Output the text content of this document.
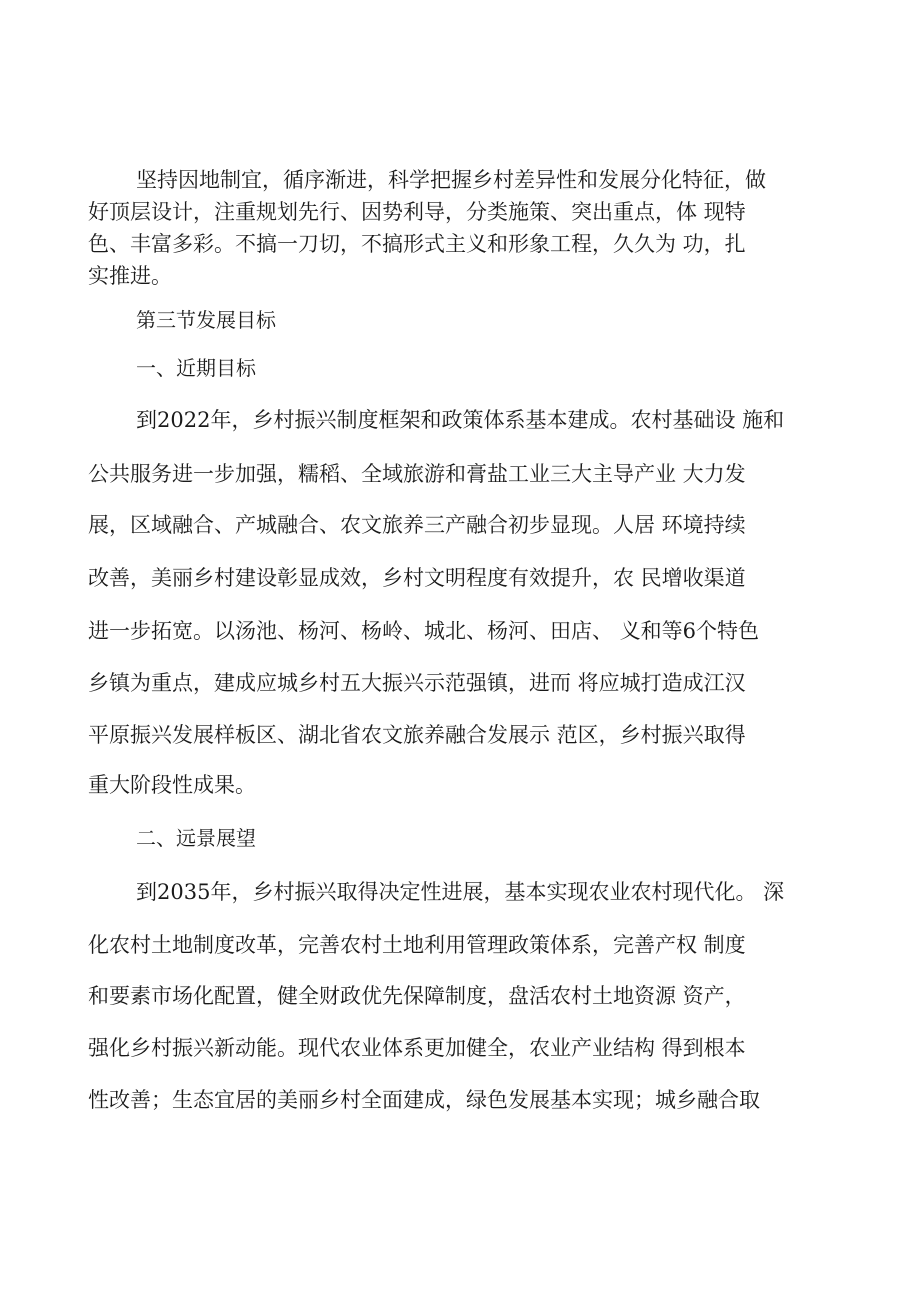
坚持因地制宜，循序渐进，科学把握乡村差异性和发展分化特征，做

好顶层设计，注重规划先行、因势利导，分类施策、突出重点，体 现特

色、丰富多彩。不搞一刀切，不搞形式主义和形象工程，久久为 功，扎

实推进。

第三节发展目标

一、近期目标

到2022年，乡村振兴制度框架和政策体系基本建成。农村基础设 施和

公共服务进一步加强，糯稻、全域旅游和膏盐工业三大主导产业 大力发

展，区域融合、产城融合、农文旅养三产融合初步显现。人居 环境持续

改善，美丽乡村建设彰显成效，乡村文明程度有效提升，农 民增收渠道

进一步拓宽。以汤池、杨河、杨岭、城北、杨河、田店、 义和等6个特色

乡镇为重点，建成应城乡村五大振兴示范强镇，进而 将应城打造成江汉

平原振兴发展样板区、湖北省农文旅养融合发展示 范区，乡村振兴取得

重大阶段性成果。

二、远景展望

到2035年，乡村振兴取得决定性进展，基本实现农业农村现代化。 深

化农村土地制度改革，完善农村土地利用管理政策体系，完善产权 制度

和要素市场化配置，健全财政优先保障制度，盘活农村土地资源 资产，

强化乡村振兴新动能。现代农业体系更加健全，农业产业结构 得到根本

性改善；生态宜居的美丽乡村全面建成，绿色发展基本实现；城乡融合取
